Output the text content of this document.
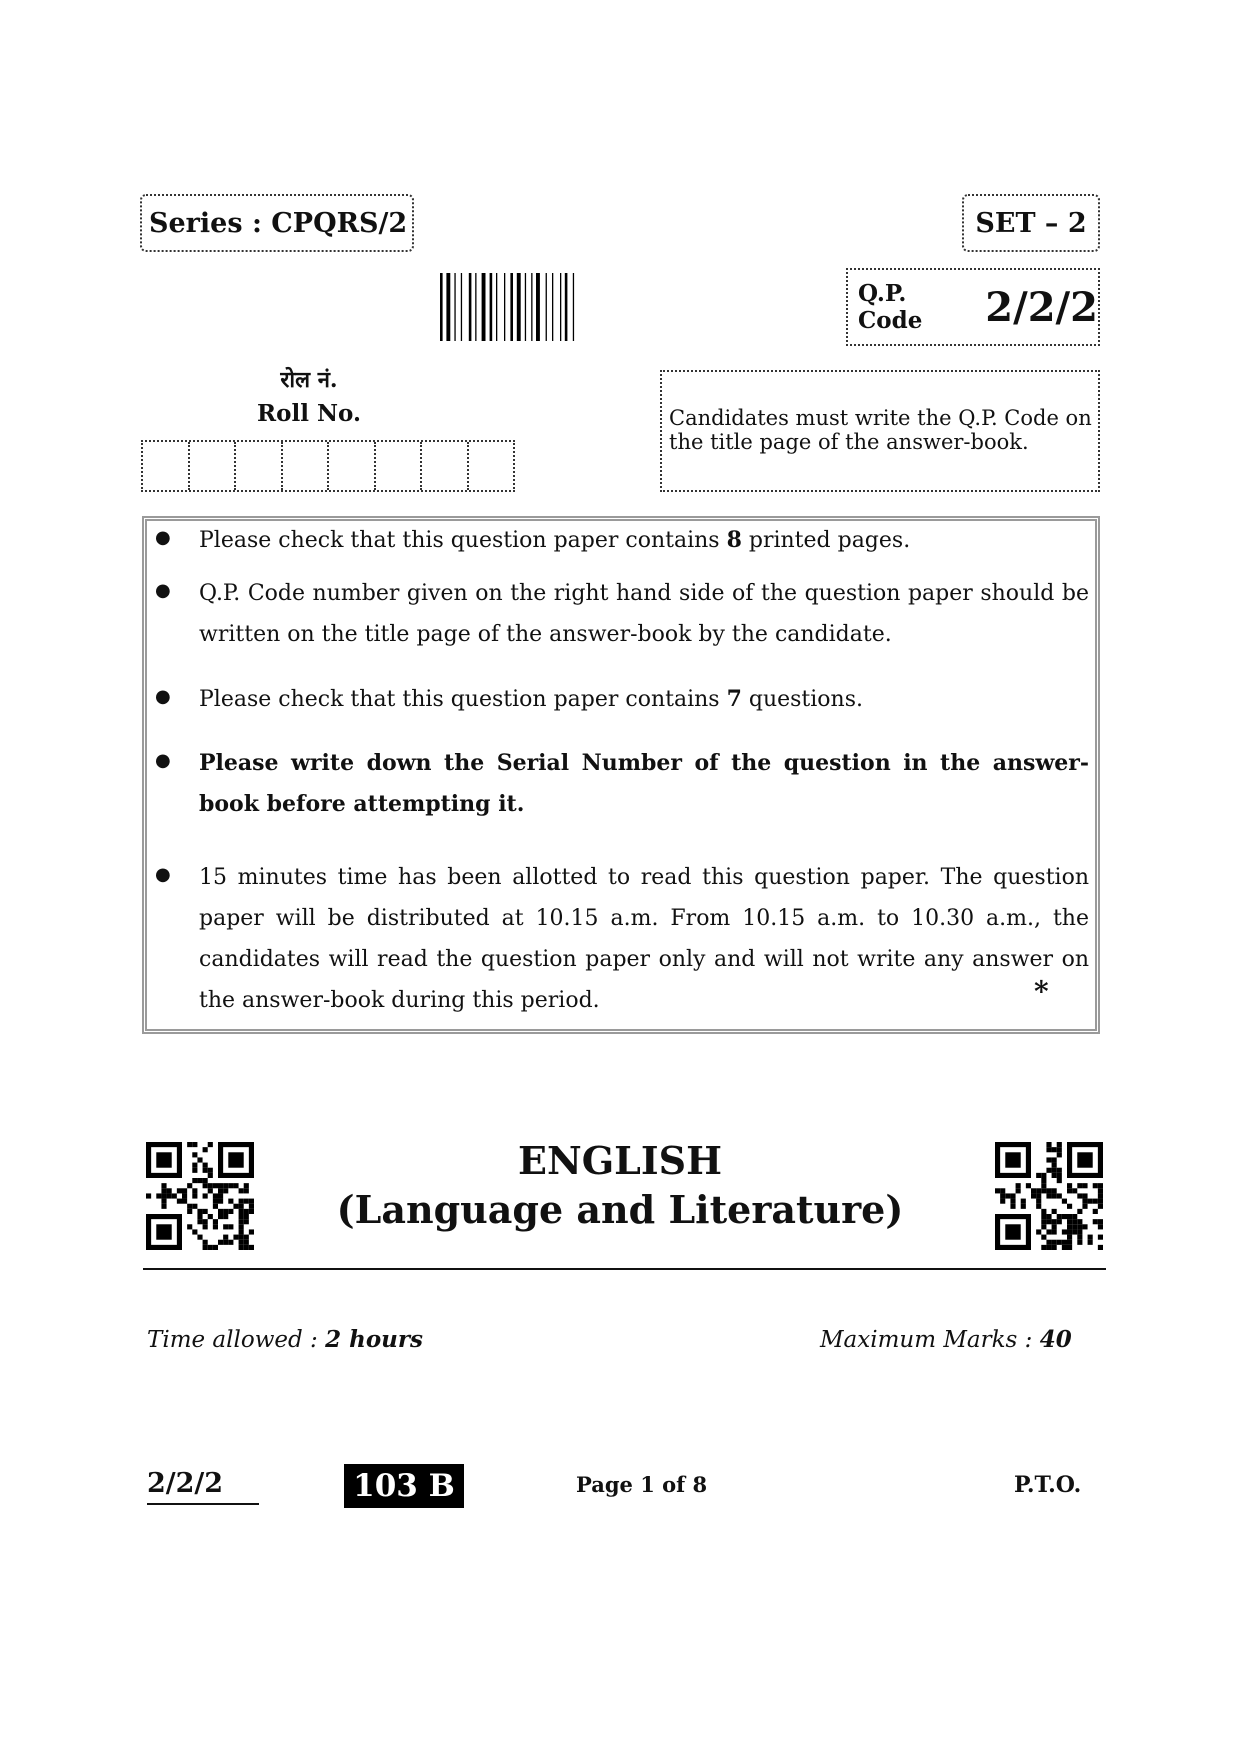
Series : CPQRS/2	SET – 2
Q.P. Code	2/2/2
रोल नं.
Roll No.	Candidates must write the Q.P. Code on the title page of the answer-book.
● Please check that this question paper contains 8 printed pages.
● Q.P. Code number given on the right hand side of the question paper should be written on the title page of the answer-book by the candidate.
● Please check that this question paper contains 7 questions.
● Please write down the Serial Number of the question in the answer-book before attempting it.
● 15 minutes time has been allotted to read this question paper. The question paper will be distributed at 10.15 a.m. From 10.15 a.m. to 10.30 a.m., the candidates will read the question paper only and will not write any answer on the answer-book during this period.	*
ENGLISH
(Language and Literature)
Time allowed : 2 hours	Maximum Marks : 40
2/2/2	103 B	Page 1 of 8	P.T.O.
